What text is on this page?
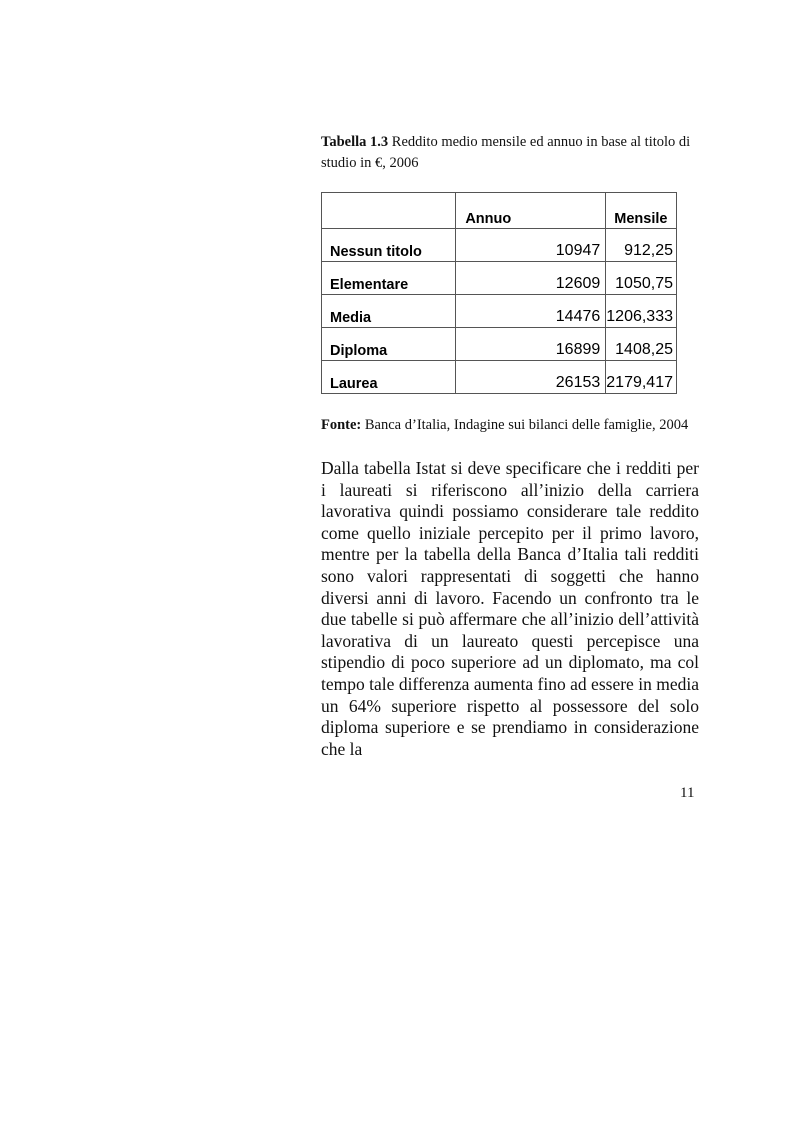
Tabella 1.3 Reddito medio mensile ed annuo in base al titolo di studio in €, 2006

	Annuo	Mensile
Nessun titolo	10947	912,25
Elementare	12609	1050,75
Media	14476	1206,333
Diploma	16899	1408,25
Laurea	26153	2179,417
Fonte: Banca d’Italia, Indagine sui bilanci delle famiglie, 2004

Dalla tabella Istat si deve specificare che i redditi per i laureati si riferiscono all’inizio della carriera lavorativa quindi possiamo considerare tale reddito come quello iniziale percepito per il primo lavoro, mentre per la tabella della Banca d’Italia tali redditi sono valori rappresentati di soggetti che hanno diversi anni di lavoro. Facendo un confronto tra le due tabelle si può affermare che all’inizio dell’attività lavorativa di un laureato questi percepisce una stipendio di poco superiore ad un diplomato, ma col tempo tale differenza aumenta fino ad essere in media un 64% superiore rispetto al possessore del solo diploma superiore e se prendiamo in considerazione che la

11
